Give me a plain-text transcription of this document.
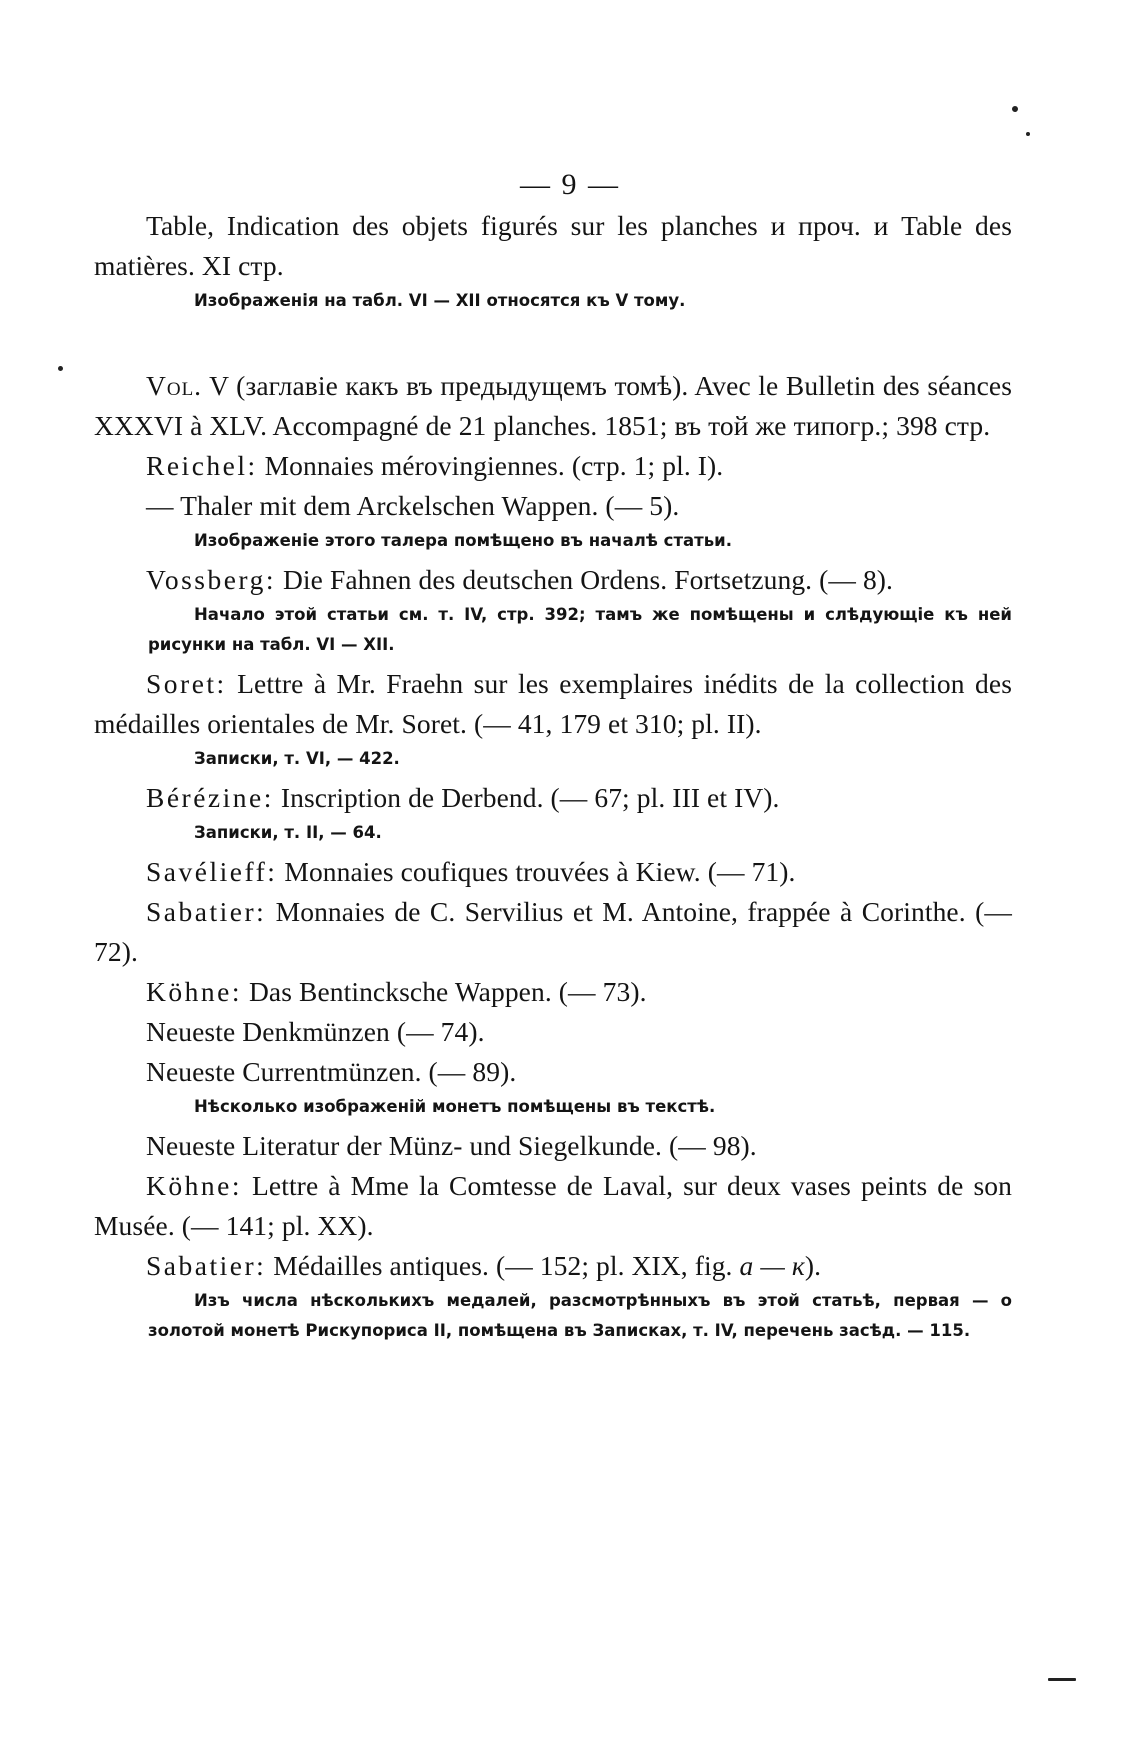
— 9 —

Table, Indication des objets figurés sur les planches и проч. и Table des matières. XI стр.

Изображенія на табл. VI — XII относятся къ V тому.

Vol. V (заглавіе какъ въ предыдущемъ томѣ). Avec le Bulletin des séances XXXVI à XLV. Accompagné de 21 planches. 1851; въ той же типогр.; 398 стр.

Reichel: Monnaies mérovingiennes. (стр. 1; pl. I).

— Thaler mit dem Arckelschen Wappen. (— 5).

Изображеніе этого талера помѣщено въ началѣ статьи.

Vossberg: Die Fahnen des deutschen Ordens. Fortsetzung. (— 8).

Начало этой статьи см. т. IV, стр. 392; тамъ же помѣщены и слѣдующіе къ ней рисунки на табл. VI — XII.

Soret: Lettre à Mr. Fraehn sur les exemplaires inédits de la collection des médailles orientales de Mr. Soret. (— 41, 179 et 310; pl. II).

Записки, т. VI, — 422.

Bérézine: Inscription de Derbend. (— 67; pl. III et IV).

Записки, т. II, — 64.

Savélieff: Monnaies coufiques trouvées à Kiew. (— 71).

Sabatier: Monnaies de C. Servilius et M. Antoine, frappée à Corinthe. (— 72).

Köhne: Das Bentincksche Wappen. (— 73).

Neueste Denkmünzen (— 74).

Neueste Currentmünzen. (— 89).

Нѣсколько изображеній монетъ помѣщены въ текстѣ.

Neueste Literatur der Münz- und Siegelkunde. (— 98).

Köhne: Lettre à Mme la Comtesse de Laval, sur deux vases peints de son Musée. (— 141; pl. XX).

Sabatier: Médailles antiques. (— 152; pl. XIX, fig. a — к).

Изъ числа нѣсколькихъ медалей, разсмотрѣнныхъ въ этой статьѣ, первая — о золотой монетѣ Рискупориса II, помѣщена въ Записках, т. IV, перечень засѣд. — 115.
